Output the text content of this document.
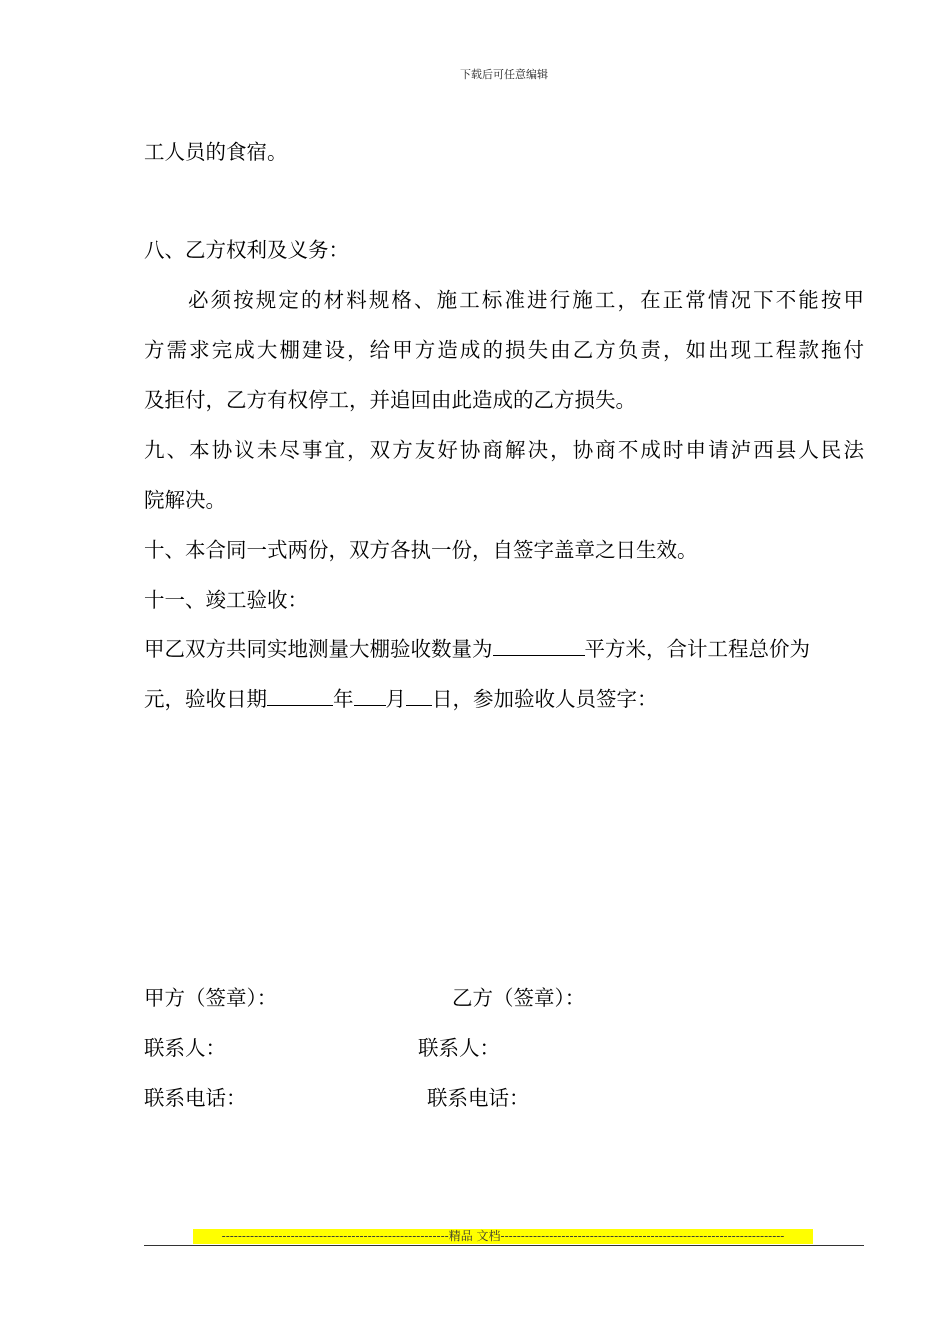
下载后可任意编辑
工人员的食宿。
八、乙方权利及义务：
必须按规定的材料规格、施工标准进行施工，在正常情况下不能按甲
方需求完成大棚建设，给甲方造成的损失由乙方负责，如出现工程款拖付
及拒付，乙方有权停工，并追回由此造成的乙方损失。
九、本协议未尽事宜，双方友好协商解决，协商不成时申请泸西县人民法
院解决。
十、本合同一式两份，双方各执一份，自签字盖章之日生效。
十一、竣工验收：
甲乙双方共同实地测量大棚验收数量为	平方米，合计工程总价为
元，验收日期	年 月 日，参加验收人员签字：
甲方（签章）：	乙方（签章）：
联系人：	联系人：
联系电话：	联系电话：
--------------------------------------------------------精品 文档----------------------------------------------------------------------
